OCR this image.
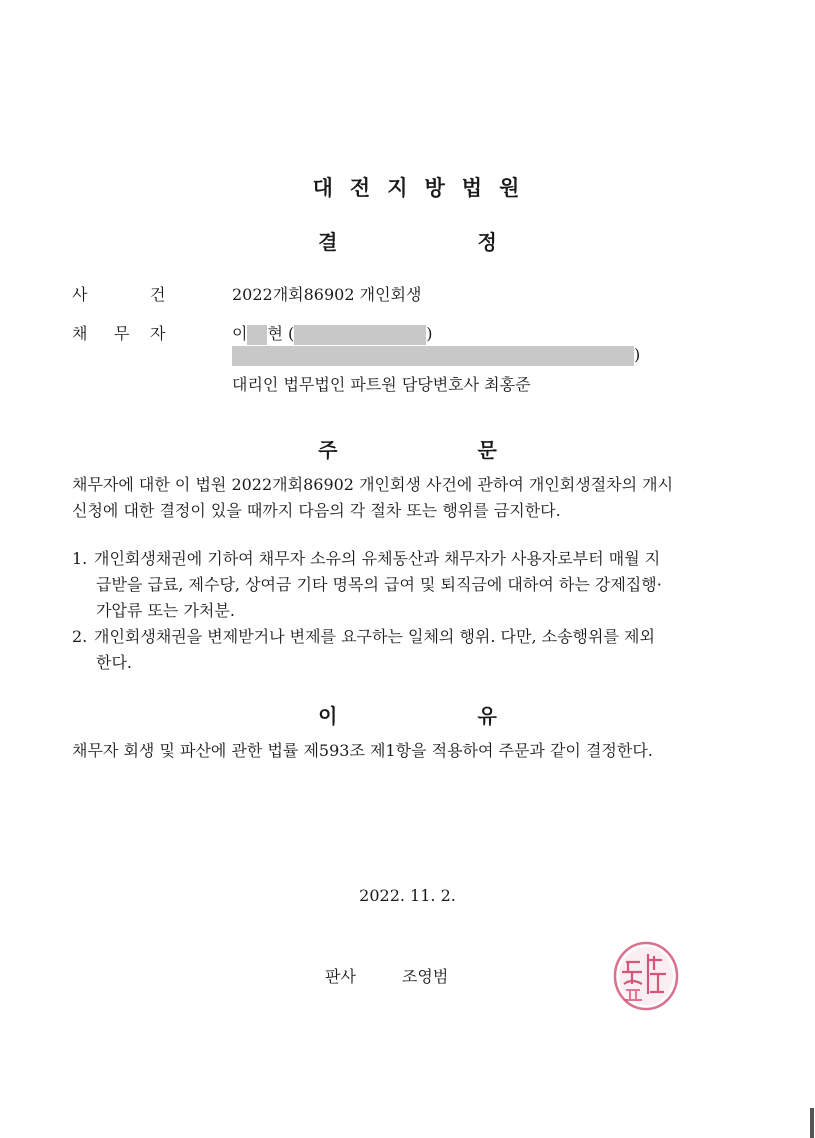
대전지방법원
결	정
사	건	2022개회86902 개인회생
채 무 자	이 현 (	)
)
대리인 법무법인 파트원 담당변호사 최홍준
주	문
채무자에 대한 이 법원 2022개회86902 개인회생 사건에 관하여 개인회생절차의 개시
신청에 대한 결정이 있을 때까지 다음의 각 절차 또는 행위를 금지한다.
1. 개인회생채권에 기하여 채무자 소유의 유체동산과 채무자가 사용자로부터 매월 지
급받을 급료, 제수당, 상여금 기타 명목의 급여 및 퇴직금에 대하여 하는 강제집행·
가압류 또는 가처분.
2. 개인회생채권을 변제받거나 변제를 요구하는 일체의 행위. 다만, 소송행위를 제외
한다.
이	유
채무자 회생 및 파산에 관한 법률 제593조 제1항을 적용하여 주문과 같이 결정한다.
2022. 11. 2.
판사	조영범
